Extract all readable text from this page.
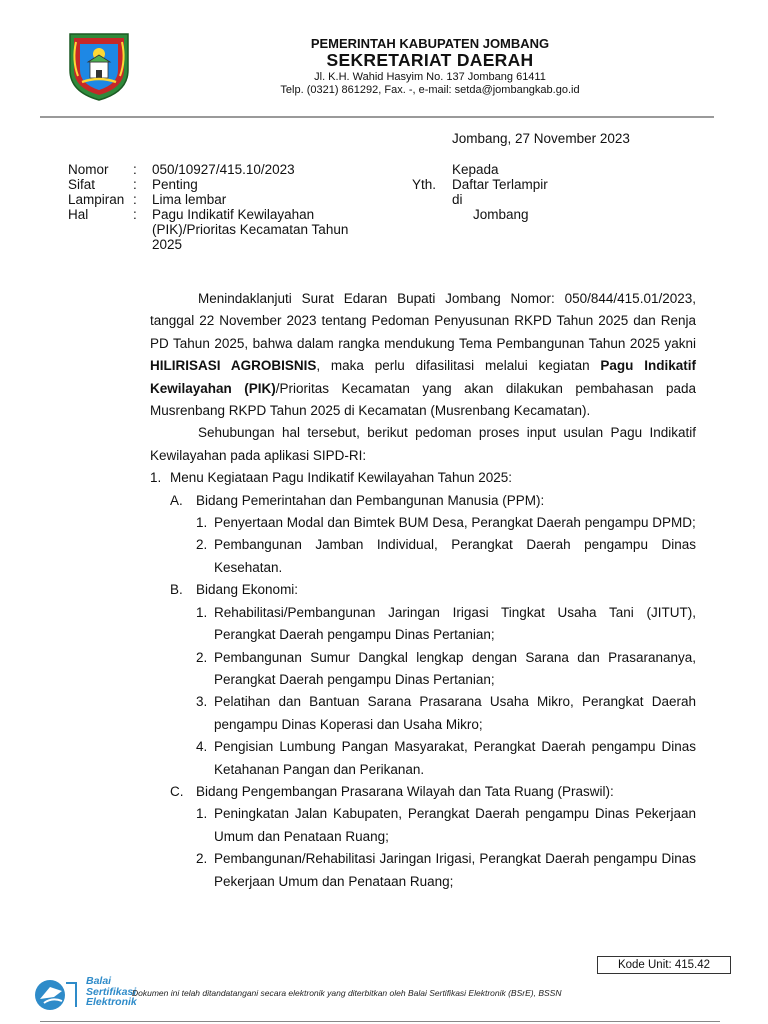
PEMERINTAH KABUPATEN JOMBANG
SEKRETARIAT DAERAH
Jl. K.H. Wahid Hasyim No. 137 Jombang 61411
Telp. (0321) 861292, Fax. -, e-mail: setda@jombangkab.go.id
Jombang, 27 November 2023
Nomor : 050/10927/415.10/2023
Sifat	: Penting
Lampiran : Lima lembar
Hal	: Pagu Indikatif Kewilayahan (PIK)/Prioritas Kecamatan Tahun 2025
Yth.
Kepada
Daftar Terlampir
di
Jombang
Menindaklanjuti Surat Edaran Bupati Jombang Nomor: 050/844/415.01/2023, tanggal 22 November 2023 tentang Pedoman Penyusunan RKPD Tahun 2025 dan Renja PD Tahun 2025, bahwa dalam rangka mendukung Tema Pembangunan Tahun 2025 yakni HILIRISASI AGROBISNIS, maka perlu difasilitasi melalui kegiatan Pagu Indikatif Kewilayahan (PIK)/Prioritas Kecamatan yang akan dilakukan pembahasan pada Musrenbang RKPD Tahun 2025 di Kecamatan (Musrenbang Kecamatan).
Sehubungan hal tersebut, berikut pedoman proses input usulan Pagu Indikatif Kewilayahan pada aplikasi SIPD-RI:
1. Menu Kegiataan Pagu Indikatif Kewilayahan Tahun 2025:
A. Bidang Pemerintahan dan Pembangunan Manusia (PPM):
1. Penyertaan Modal dan Bimtek BUM Desa, Perangkat Daerah pengampu DPMD;
2. Pembangunan Jamban Individual, Perangkat Daerah pengampu Dinas Kesehatan.
B. Bidang Ekonomi:
1. Rehabilitasi/Pembangunan Jaringan Irigasi Tingkat Usaha Tani (JITUT), Perangkat Daerah pengampu Dinas Pertanian;
2. Pembangunan Sumur Dangkal lengkap dengan Sarana dan Prasarananya, Perangkat Daerah pengampu Dinas Pertanian;
3. Pelatihan dan Bantuan Sarana Prasarana Usaha Mikro, Perangkat Daerah pengampu Dinas Koperasi dan Usaha Mikro;
4. Pengisian Lumbung Pangan Masyarakat, Perangkat Daerah pengampu Dinas Ketahanan Pangan dan Perikanan.
C. Bidang Pengembangan Prasarana Wilayah dan Tata Ruang (Praswil):
1. Peningkatan Jalan Kabupaten, Perangkat Daerah pengampu Dinas Pekerjaan Umum dan Penataan Ruang;
2. Pembangunan/Rehabilitasi Jaringan Irigasi, Perangkat Daerah pengampu Dinas Pekerjaan Umum dan Penataan Ruang;
Kode Unit: 415.42
Balai
Sertifikasi
Elektronik
Dokumen ini telah ditandatangani secara elektronik yang diterbitkan oleh Balai Sertifikasi Elektronik (BSrE), BSSN
